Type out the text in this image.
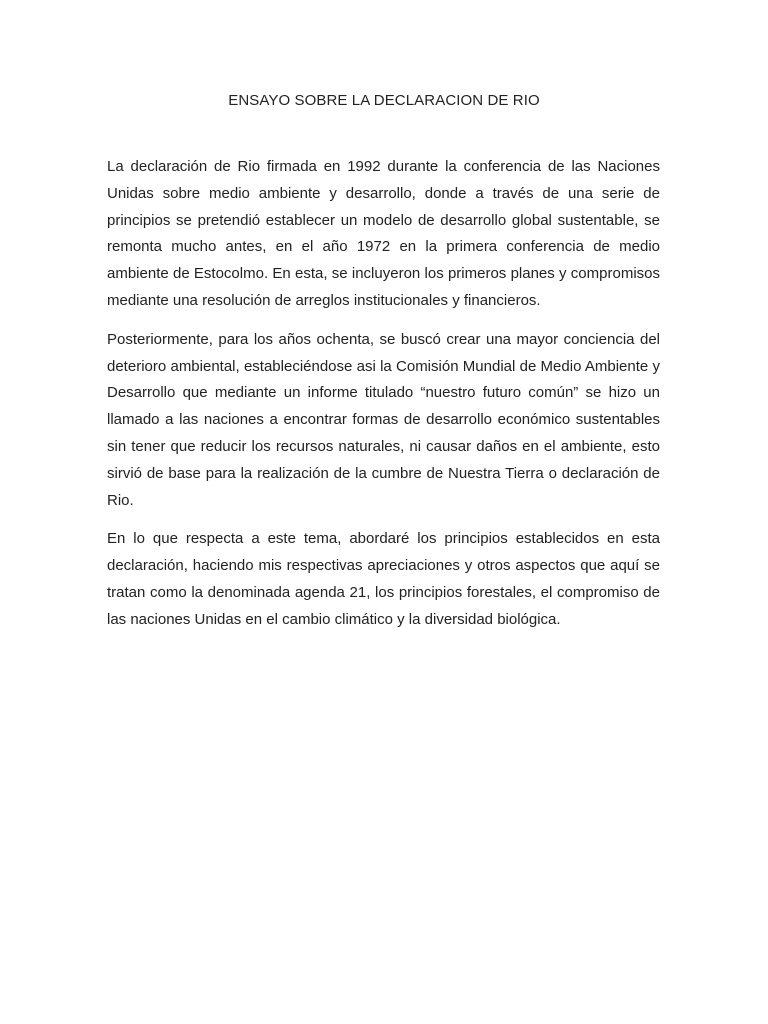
ENSAYO SOBRE LA DECLARACION DE RIO

La declaración de Rio firmada en 1992 durante la conferencia de las Naciones Unidas sobre medio ambiente y desarrollo, donde a través de una serie de principios se pretendió establecer un modelo de desarrollo global sustentable, se remonta mucho antes, en el año 1972 en la primera conferencia de medio ambiente de Estocolmo. En esta, se incluyeron los primeros planes y compromisos mediante una resolución de arreglos institucionales y financieros.

Posteriormente, para los años ochenta, se buscó crear una mayor conciencia del deterioro ambiental, estableciéndose asi la Comisión Mundial de Medio Ambiente y Desarrollo que mediante un informe titulado “nuestro futuro común” se hizo un llamado a las naciones a encontrar formas de desarrollo económico sustentables sin tener que reducir los recursos naturales, ni causar daños en el ambiente, esto sirvió de base para la realización de la cumbre de Nuestra Tierra o declaración de Rio.

En lo que respecta a este tema, abordaré los principios establecidos en esta declaración, haciendo mis respectivas apreciaciones y otros aspectos que aquí se tratan como la denominada agenda 21, los principios forestales, el compromiso de las naciones Unidas en el cambio climático y la diversidad biológica.
